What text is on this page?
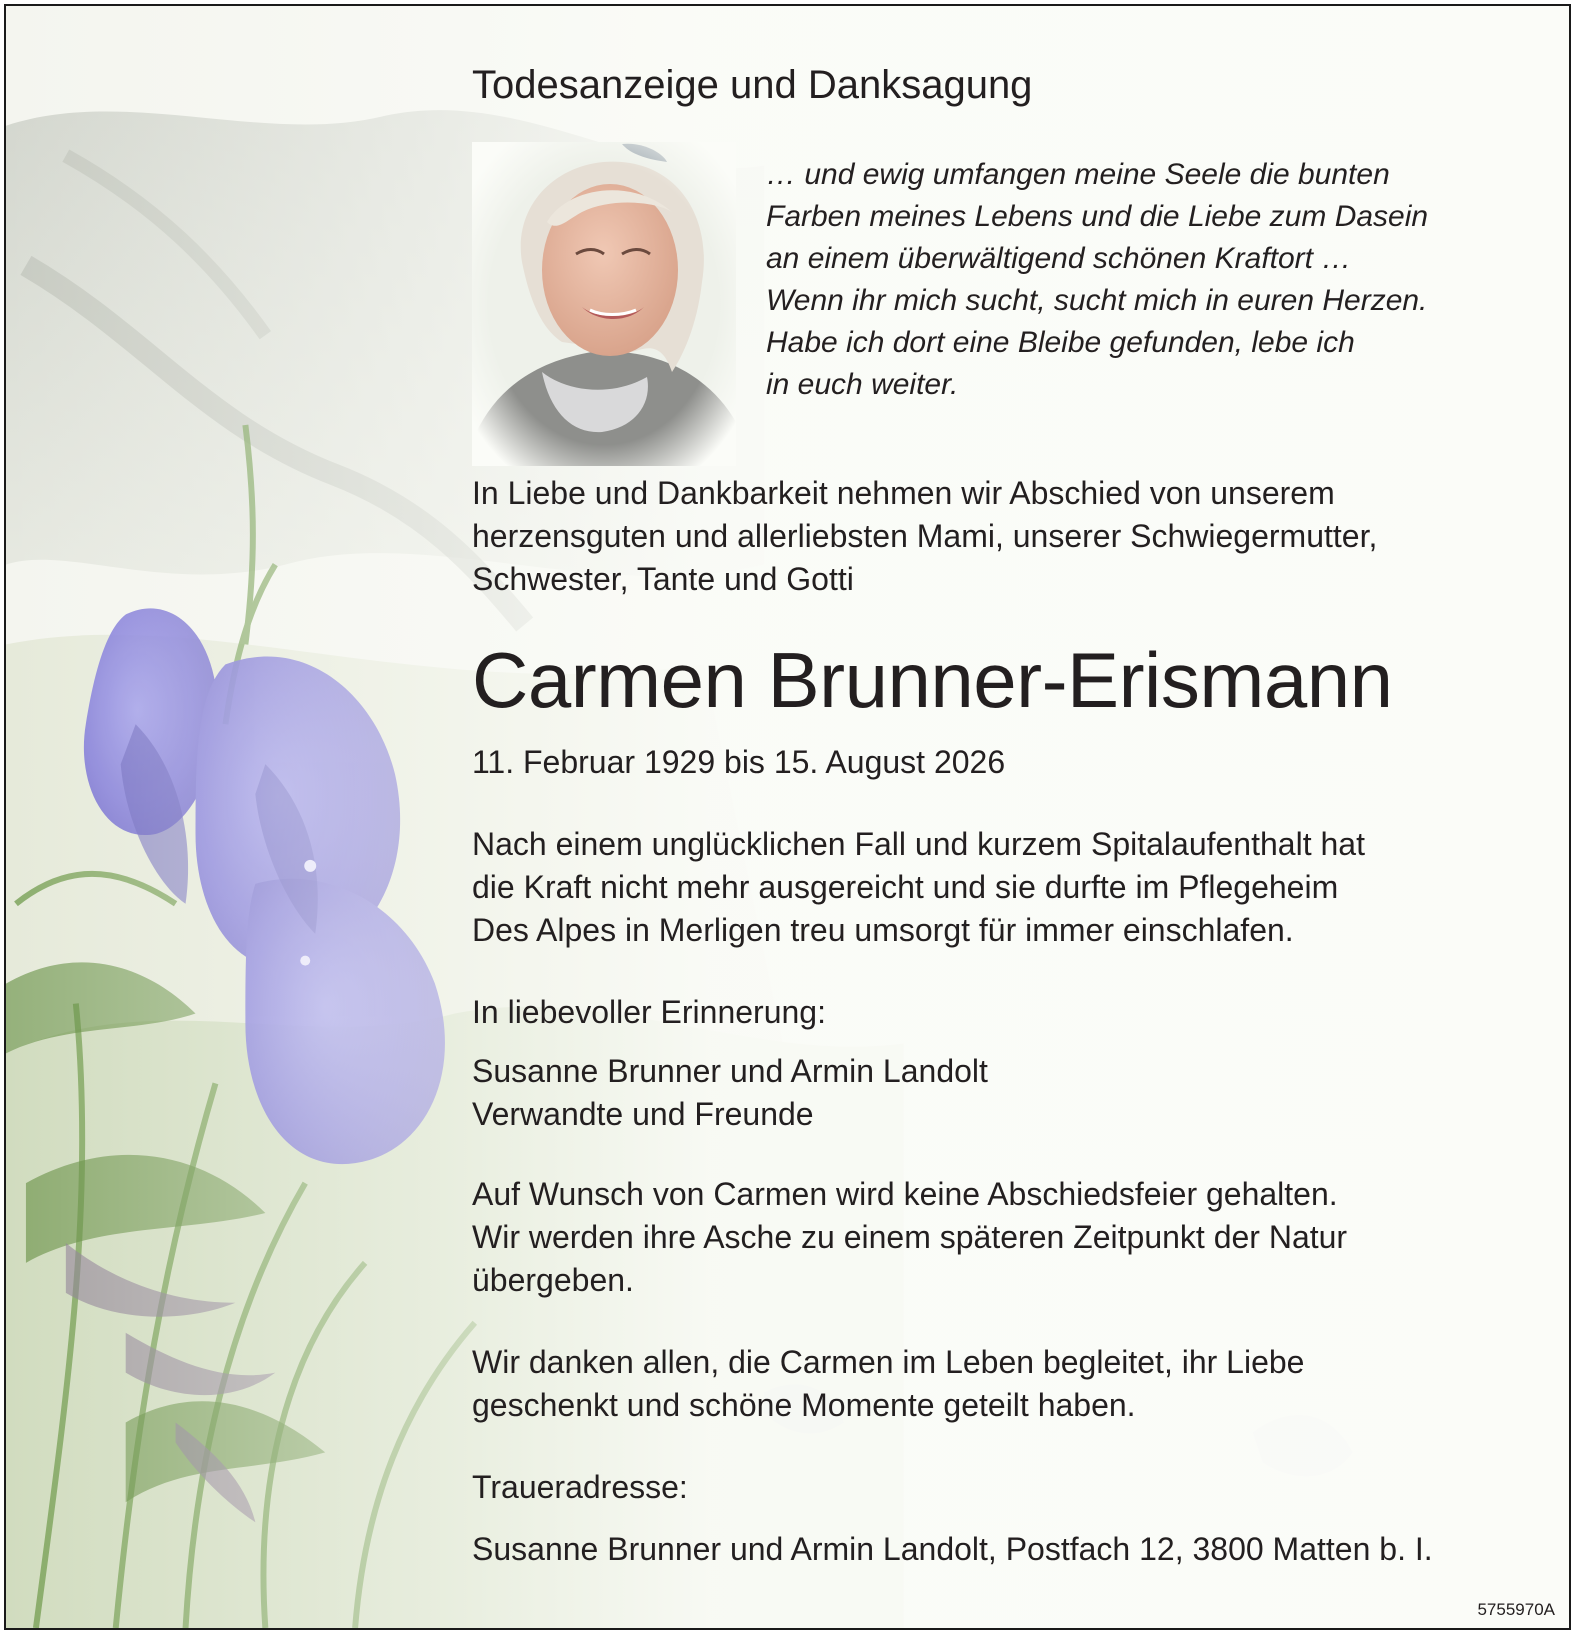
Todesanzeige und Danksagung
… und ewig umfangen meine Seele die bunten
Farben meines Lebens und die Liebe zum Dasein
an einem überwältigend schönen Kraftort …
Wenn ihr mich sucht, sucht mich in euren Herzen.
Habe ich dort eine Bleibe gefunden, lebe ich
in euch weiter.
In Liebe und Dankbarkeit nehmen wir Abschied von unserem
herzensguten und allerliebsten Mami, unserer Schwiegermutter,
Schwester, Tante und Gotti
Carmen Brunner-Erismann
11. Februar 1929 bis 15. August 2026
Nach einem unglücklichen Fall und kurzem Spitalaufenthalt hat
die Kraft nicht mehr ausgereicht und sie durfte im Pflegeheim
Des Alpes in Merligen treu umsorgt für immer einschlafen.
In liebevoller Erinnerung:
Susanne Brunner und Armin Landolt
Verwandte und Freunde
Auf Wunsch von Carmen wird keine Abschiedsfeier gehalten.
Wir werden ihre Asche zu einem späteren Zeitpunkt der Natur
übergeben.
Wir danken allen, die Carmen im Leben begleitet, ihr Liebe
geschenkt und schöne Momente geteilt haben.
Traueradresse:
Susanne Brunner und Armin Landolt, Postfach 12, 3800 Matten b. I.
5755970A
